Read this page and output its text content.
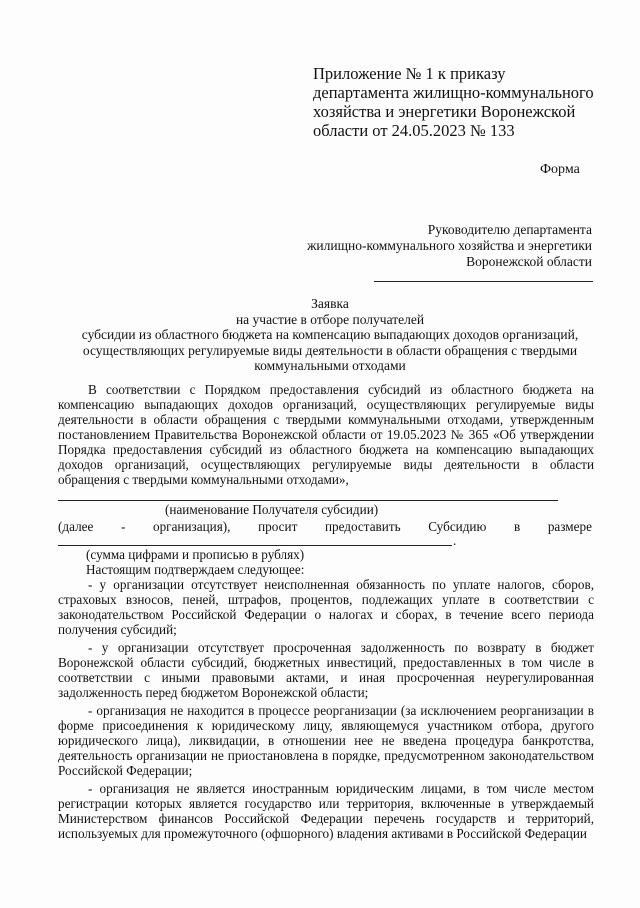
Приложение № 1 к приказу
департамента жилищно-коммунального
хозяйства и энергетики Воронежской
области от 24.05.2023 № 133
Форма
Руководителю департамента
жилищно-коммунального хозяйства и энергетики
Воронежской области
Заявка
на участие в отборе получателей
субсидии из областного бюджета на компенсацию выпадающих доходов организаций,
осуществляющих регулируемые виды деятельности в области обращения с твердыми
коммунальными отходами
В соответствии с Порядком предоставления субсидий из областного бюджета на компенсацию выпадающих доходов организаций, осуществляющих регулируемые виды деятельности в области обращения с твердыми коммунальными отходами, утвержденным постановлением Правительства Воронежской области от 19.05.2023 № 365 «Об утверждении Порядка предоставления субсидий из областного бюджета на компенсацию выпадающих доходов организаций, осуществляющих регулируемые виды деятельности в области обращения с твердыми коммунальными отходами»,
(наименование Получателя субсидии)
(далее - организация), просит предоставить Субсидию в размере
.
(сумма цифрами и прописью в рублях)
Настоящим подтверждаем следующее:
- у организации отсутствует неисполненная обязанность по уплате налогов, сборов, страховых взносов, пеней, штрафов, процентов, подлежащих уплате в соответствии с законодательством Российской Федерации о налогах и сборах, в течение всего периода получения субсидий;
- у организации отсутствует просроченная задолженность по возврату в бюджет Воронежской области субсидий, бюджетных инвестиций, предоставленных в том числе в соответствии с иными правовыми актами, и иная просроченная неурегулированная задолженность перед бюджетом Воронежской области;
- организация не находится в процессе реорганизации (за исключением реорганизации в форме присоединения к юридическому лицу, являющемуся участником отбора, другого юридического лица), ликвидации, в отношении нее не введена процедура банкротства, деятельность организации не приостановлена в порядке, предусмотренном законодательством Российской Федерации;
- организация не является иностранным юридическим лицами, в том числе местом регистрации которых является государство или территория, включенные в утверждаемый Министерством финансов Российской Федерации перечень государств и территорий, используемых для промежуточного (офшорного) владения активами в Российской Федерации
